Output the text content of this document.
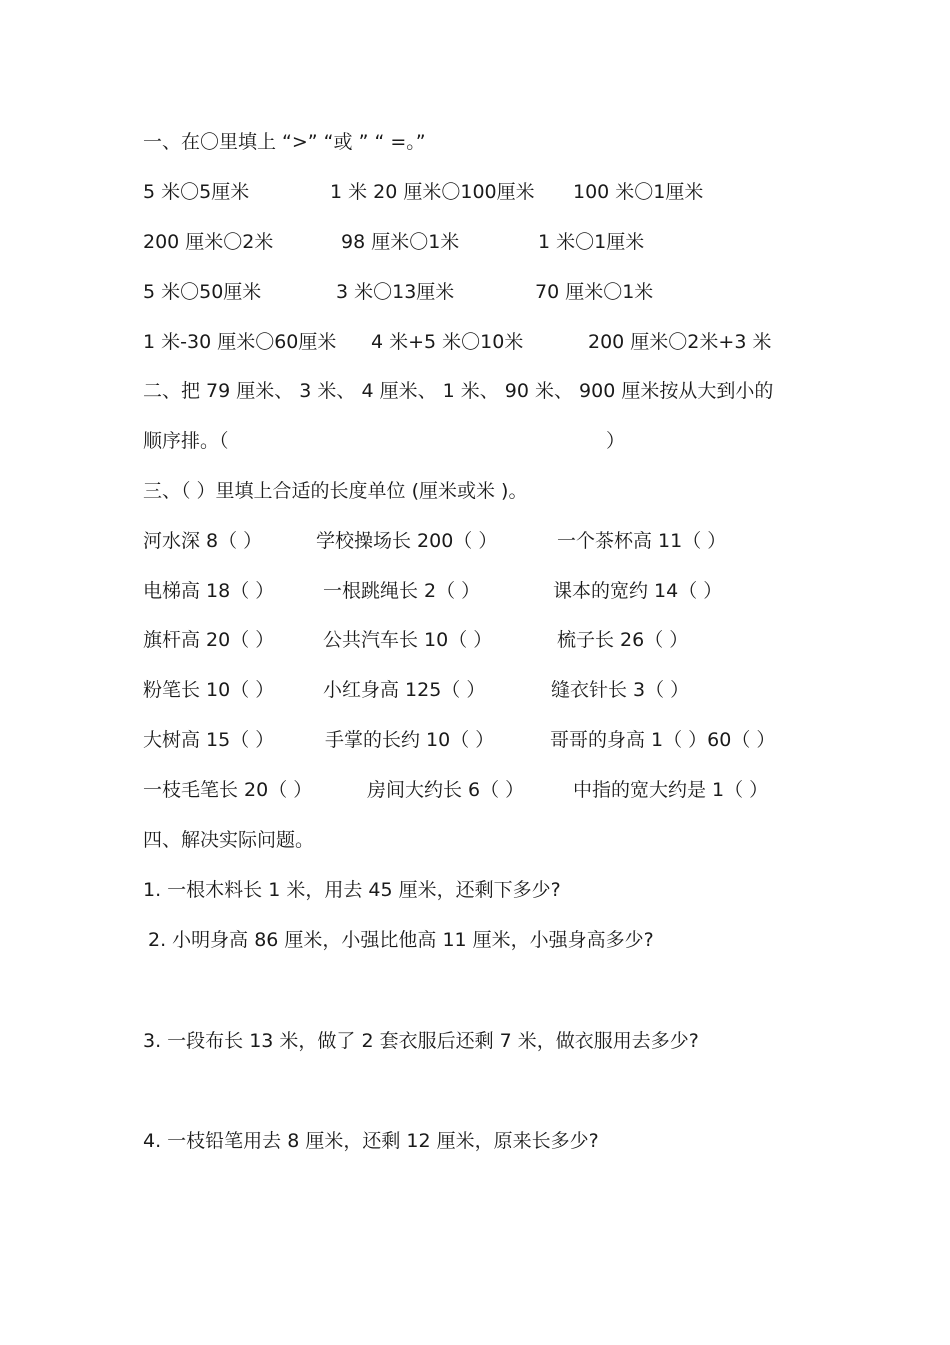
一、在〇里填上 “>” “或 ” “ =。”
5 米〇5厘米	1 米 20 厘米〇100厘米 100 米〇1厘米
200 厘米〇2米	98 厘米〇1米	1 米〇1厘米
5 米〇50厘米	3 米〇13厘米	70 厘米〇1米
1 米-30 厘米〇60厘米 4 米+5 米〇10米	200 厘米〇2米+3 米
二、把 79 厘米、 3 米、 4 厘米、 1 米、 90 米、 900 厘米按从大到小的
顺序排。（	）
三、（ ）里填上合适的长度单位 (厘米或米 )。
河水深 8（ ）	学校操场长 200（ ）	一个茶杯高 11（ ）
电梯高 18（ ）	一根跳绳长 2（ ）	课本的宽约 14（ ）
旗杆高 20（ ）	公共汽车长 10（ ）	梳子长 26（ ）
粉笔长 10（ ）	小红身高 125（ ）	缝衣针长 3（ ）
大树高 15（ ）	手掌的长约 10（ ）	哥哥的身高 1（ ）60（ ）
一枝毛笔长 20（ ）	房间大约长 6（ ）	中指的宽大约是 1（ ）
四、解决实际问题。
1. 一根木料长 1 米，用去 45 厘米，还剩下多少?
2. 小明身高 86 厘米，小强比他高 11 厘米，小强身高多少?
3. 一段布长 13 米，做了 2 套衣服后还剩 7 米，做衣服用去多少?
4. 一枝铅笔用去 8 厘米，还剩 12 厘米，原来长多少?
